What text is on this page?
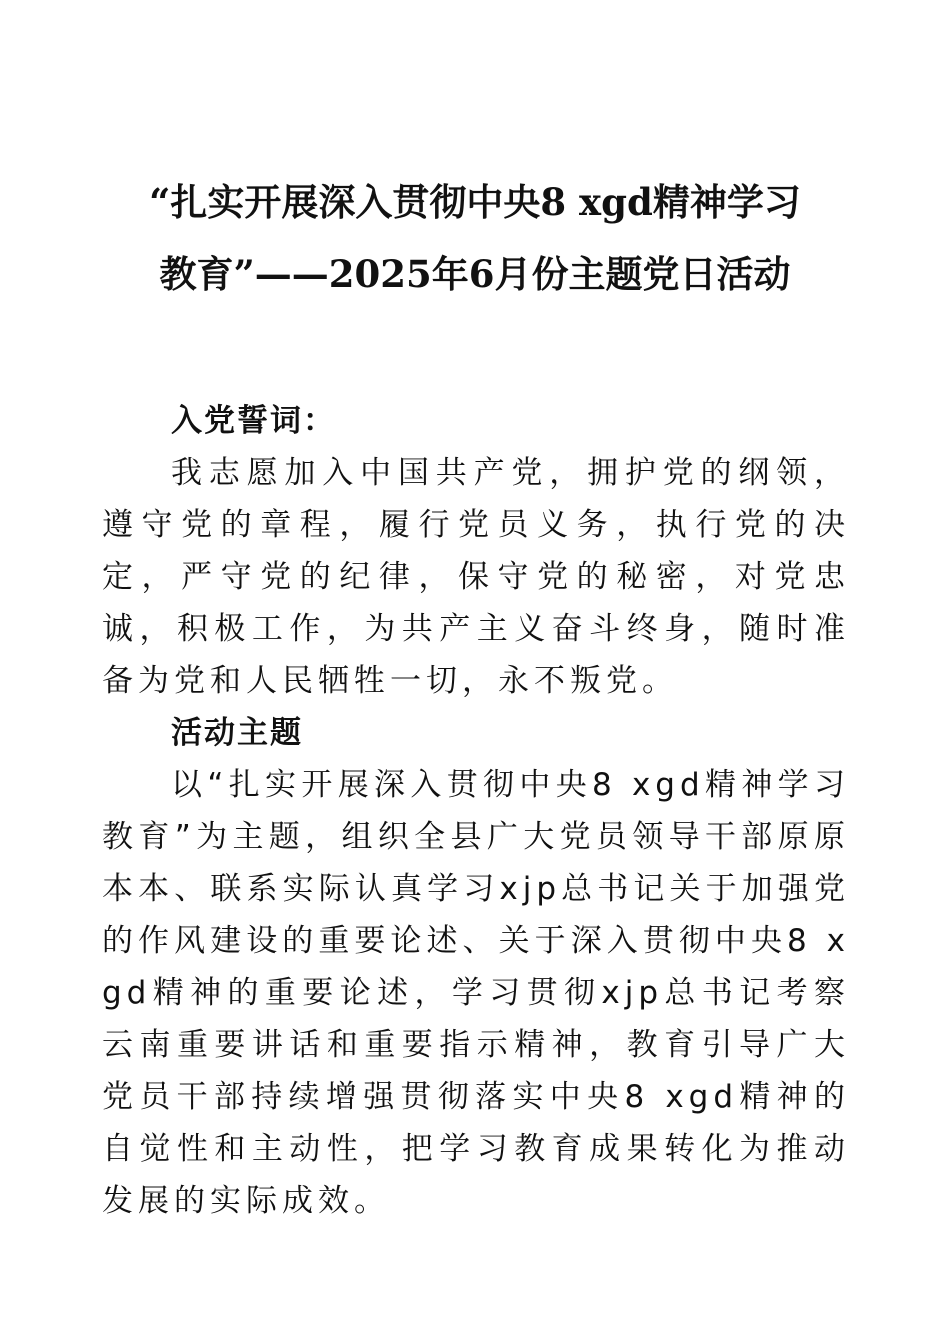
“扎实开展深入贯彻中央8 xgd精神学习
教育”——2025年6月份主题党日活动

入党誓词：

我志愿加入中国共产党，拥护党的纲领，遵守党的章程，履行党员义务，执行党的决定，严守党的纪律，保守党的秘密，对党忠诚，积极工作，为共产主义奋斗终身，随时准备为党和人民牺牲一切，永不叛党。

活动主题

以“扎实开展深入贯彻中央8 xgd精神学习教育”为主题，组织全县广大党员领导干部原原本本、联系实际认真学习xjp总书记关于加强党的作风建设的重要论述、关于深入贯彻中央8 xgd精神的重要论述，学习贯彻xjp总书记考察云南重要讲话和重要指示精神，教育引导广大党员干部持续增强贯彻落实中央8 xgd精神的自觉性和主动性，把学习教育成果转化为推动发展的实际成效。
